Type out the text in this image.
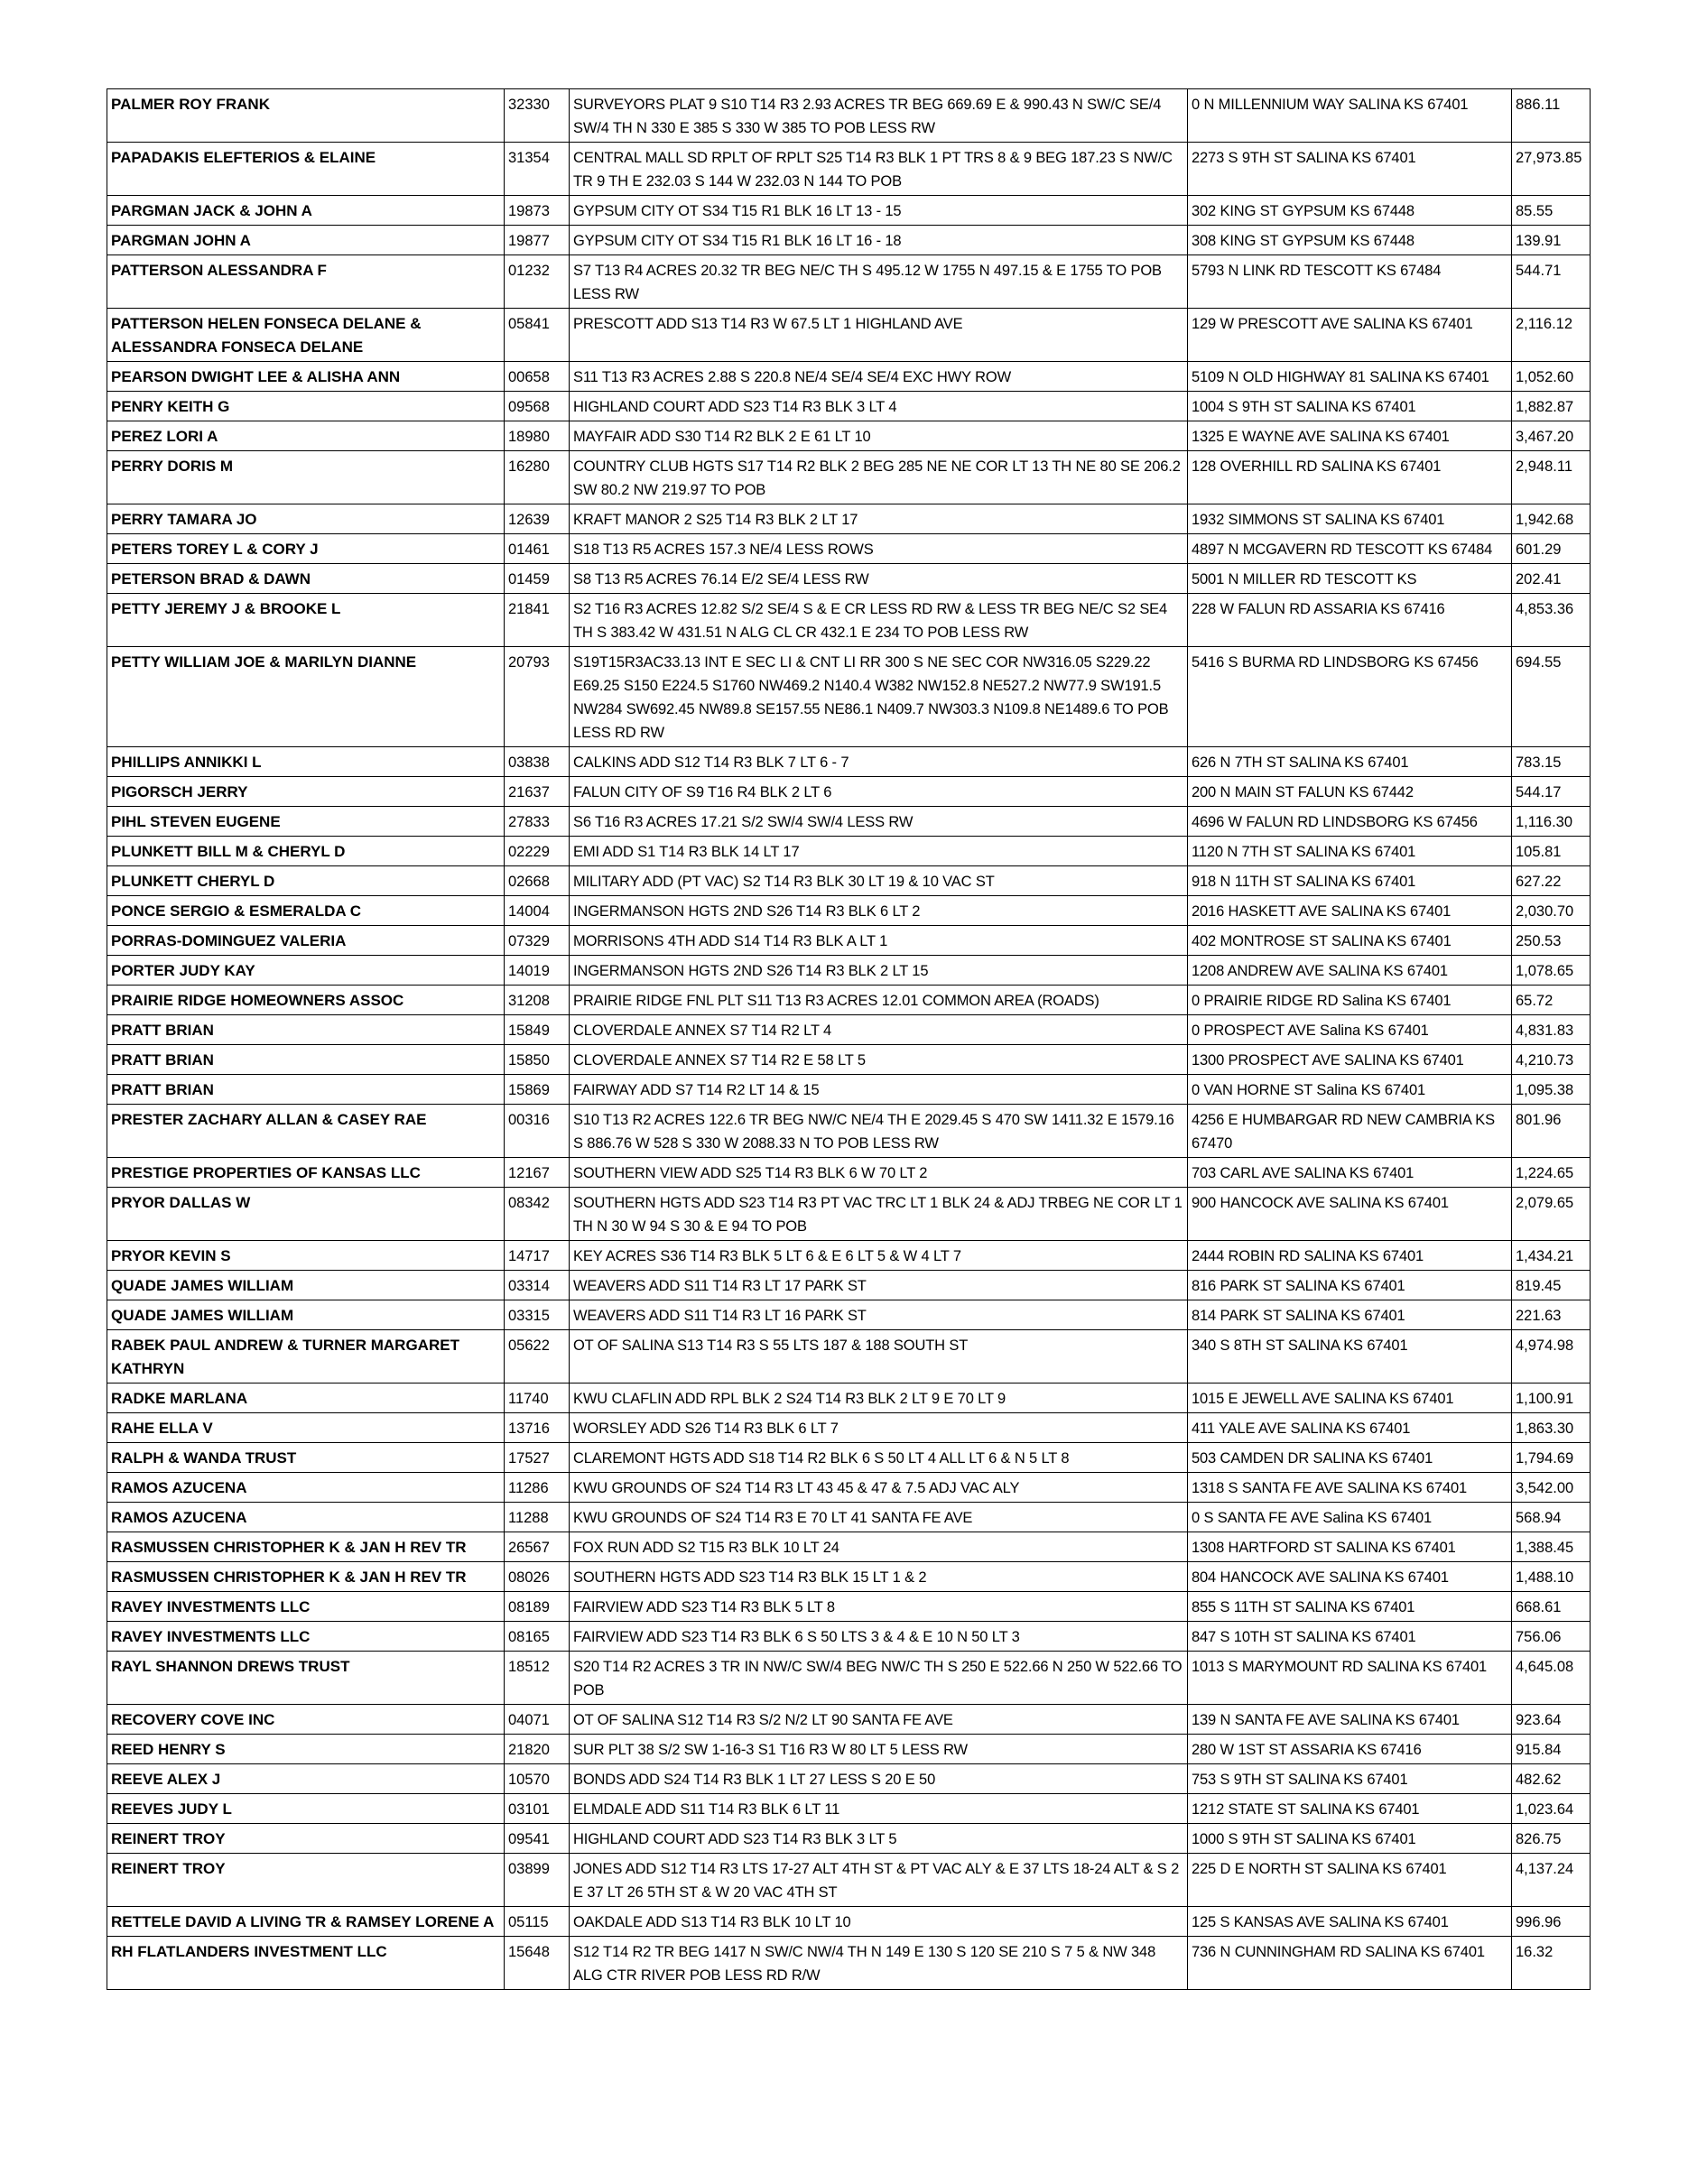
PALMER ROY FRANK	32330	SURVEYORS PLAT 9 S10 T14 R3 2.93 ACRES TR BEG 669.69 E & 990.43 N SW/C SE/4 SW/4 TH N 330 E 385 S 330 W 385 TO POB LESS RW	0 N MILLENNIUM WAY SALINA KS 67401	886.11
PAPADAKIS ELEFTERIOS & ELAINE	31354	CENTRAL MALL SD RPLT OF RPLT S25 T14 R3 BLK 1 PT TRS 8 & 9 BEG 187.23 S NW/C TR 9 TH E 232.03 S 144 W 232.03 N 144 TO POB	2273 S 9TH ST SALINA KS 67401	27,973.85
PARGMAN JACK & JOHN A	19873	GYPSUM CITY OT S34 T15 R1 BLK 16 LT 13 - 15	302 KING ST GYPSUM KS 67448	85.55
PARGMAN JOHN A	19877	GYPSUM CITY OT S34 T15 R1 BLK 16 LT 16 - 18	308 KING ST GYPSUM KS 67448	139.91
PATTERSON ALESSANDRA F	01232	S7 T13 R4 ACRES 20.32 TR BEG NE/C TH S 495.12 W 1755 N 497.15 & E 1755 TO POB LESS RW	5793 N LINK RD TESCOTT KS 67484	544.71
PATTERSON HELEN FONSECA DELANE & ALESSANDRA FONSECA DELANE	05841	PRESCOTT ADD S13 T14 R3 W 67.5 LT 1 HIGHLAND AVE	129 W PRESCOTT AVE SALINA KS 67401	2,116.12
PEARSON DWIGHT LEE & ALISHA ANN	00658	S11 T13 R3 ACRES 2.88 S 220.8 NE/4 SE/4 SE/4 EXC HWY ROW	5109 N OLD HIGHWAY 81 SALINA KS 67401	1,052.60
PENRY KEITH G	09568	HIGHLAND COURT ADD S23 T14 R3 BLK 3 LT 4	1004 S 9TH ST SALINA KS 67401	1,882.87
PEREZ LORI A	18980	MAYFAIR ADD S30 T14 R2 BLK 2 E 61 LT 10	1325 E WAYNE AVE SALINA KS 67401	3,467.20
PERRY DORIS M	16280	COUNTRY CLUB HGTS S17 T14 R2 BLK 2 BEG 285 NE NE COR LT 13 TH NE 80 SE 206.2 SW 80.2 NW 219.97 TO POB	128 OVERHILL RD SALINA KS 67401	2,948.11
PERRY TAMARA JO	12639	KRAFT MANOR 2 S25 T14 R3 BLK 2 LT 17	1932 SIMMONS ST SALINA KS 67401	1,942.68
PETERS TOREY L & CORY J	01461	S18 T13 R5 ACRES 157.3 NE/4 LESS ROWS	4897 N MCGAVERN RD TESCOTT KS 67484	601.29
PETERSON BRAD & DAWN	01459	S8 T13 R5 ACRES 76.14 E/2 SE/4 LESS RW	5001 N MILLER RD TESCOTT KS	202.41
PETTY JEREMY J & BROOKE L	21841	S2 T16 R3 ACRES 12.82 S/2 SE/4 S & E CR LESS RD RW & LESS TR BEG NE/C S2 SE4 TH S 383.42 W 431.51 N ALG CL CR 432.1 E 234 TO POB LESS RW	228 W FALUN RD ASSARIA KS 67416	4,853.36
PETTY WILLIAM JOE & MARILYN DIANNE	20793	S19T15R3AC33.13 INT E SEC LI & CNT LI RR 300 S NE SEC COR NW316.05 S229.22 E69.25 S150 E224.5 S1760 NW469.2 N140.4 W382 NW152.8 NE527.2 NW77.9 SW191.5 NW284 SW692.45 NW89.8 SE157.55 NE86.1 N409.7 NW303.3 N109.8 NE1489.6 TO POB LESS RD RW	5416 S BURMA RD LINDSBORG KS 67456	694.55
PHILLIPS ANNIKKI L	03838	CALKINS ADD S12 T14 R3 BLK 7 LT 6 - 7	626 N 7TH ST SALINA KS 67401	783.15
PIGORSCH JERRY	21637	FALUN CITY OF S9 T16 R4 BLK 2 LT 6	200 N MAIN ST FALUN KS 67442	544.17
PIHL STEVEN EUGENE	27833	S6 T16 R3 ACRES 17.21 S/2 SW/4 SW/4 LESS RW	4696 W FALUN RD LINDSBORG KS 67456	1,116.30
PLUNKETT BILL M & CHERYL D	02229	EMI ADD S1 T14 R3 BLK 14 LT 17	1120 N 7TH ST SALINA KS 67401	105.81
PLUNKETT CHERYL D	02668	MILITARY ADD (PT VAC) S2 T14 R3 BLK 30 LT 19 & 10 VAC ST	918 N 11TH ST SALINA KS 67401	627.22
PONCE SERGIO & ESMERALDA C	14004	INGERMANSON HGTS 2ND S26 T14 R3 BLK 6 LT 2	2016 HASKETT AVE SALINA KS 67401	2,030.70
PORRAS-DOMINGUEZ VALERIA	07329	MORRISONS 4TH ADD S14 T14 R3 BLK A LT 1	402 MONTROSE ST SALINA KS 67401	250.53
PORTER JUDY KAY	14019	INGERMANSON HGTS 2ND S26 T14 R3 BLK 2 LT 15	1208 ANDREW AVE SALINA KS 67401	1,078.65
PRAIRIE RIDGE HOMEOWNERS ASSOC	31208	PRAIRIE RIDGE FNL PLT S11 T13 R3 ACRES 12.01 COMMON AREA (ROADS)	0 PRAIRIE RIDGE RD Salina KS 67401	65.72
PRATT BRIAN	15849	CLOVERDALE ANNEX S7 T14 R2 LT 4	0 PROSPECT AVE Salina KS 67401	4,831.83
PRATT BRIAN	15850	CLOVERDALE ANNEX S7 T14 R2 E 58 LT 5	1300 PROSPECT AVE SALINA KS 67401	4,210.73
PRATT BRIAN	15869	FAIRWAY ADD S7 T14 R2 LT 14 & 15	0 VAN HORNE ST Salina KS 67401	1,095.38
PRESTER ZACHARY ALLAN & CASEY RAE	00316	S10 T13 R2 ACRES 122.6 TR BEG NW/C NE/4 TH E 2029.45 S 470 SW 1411.32 E 1579.16 S 886.76 W 528 S 330 W 2088.33 N TO POB LESS RW	4256 E HUMBARGAR RD NEW CAMBRIA KS 67470	801.96
PRESTIGE PROPERTIES OF KANSAS LLC	12167	SOUTHERN VIEW ADD S25 T14 R3 BLK 6 W 70 LT 2	703 CARL AVE SALINA KS 67401	1,224.65
PRYOR DALLAS W	08342	SOUTHERN HGTS ADD S23 T14 R3 PT VAC TRC LT 1 BLK 24 & ADJ TRBEG NE COR LT 1 TH N 30 W 94 S 30 & E 94 TO POB	900 HANCOCK AVE SALINA KS 67401	2,079.65
PRYOR KEVIN S	14717	KEY ACRES S36 T14 R3 BLK 5 LT 6 & E 6 LT 5 & W 4 LT 7	2444 ROBIN RD SALINA KS 67401	1,434.21
QUADE JAMES WILLIAM	03314	WEAVERS ADD S11 T14 R3 LT 17 PARK ST	816 PARK ST SALINA KS 67401	819.45
QUADE JAMES WILLIAM	03315	WEAVERS ADD S11 T14 R3 LT 16 PARK ST	814 PARK ST SALINA KS 67401	221.63
RABEK PAUL ANDREW & TURNER MARGARET KATHRYN	05622	OT OF SALINA S13 T14 R3 S 55 LTS 187 & 188 SOUTH ST	340 S 8TH ST SALINA KS 67401	4,974.98
RADKE MARLANA	11740	KWU CLAFLIN ADD RPL BLK 2 S24 T14 R3 BLK 2 LT 9 E 70 LT 9	1015 E JEWELL AVE SALINA KS 67401	1,100.91
RAHE ELLA V	13716	WORSLEY ADD S26 T14 R3 BLK 6 LT 7	411 YALE AVE SALINA KS 67401	1,863.30
RALPH & WANDA TRUST	17527	CLAREMONT HGTS ADD S18 T14 R2 BLK 6 S 50 LT 4 ALL LT 6 & N 5 LT 8	503 CAMDEN DR SALINA KS 67401	1,794.69
RAMOS AZUCENA	11286	KWU GROUNDS OF S24 T14 R3 LT 43 45 & 47 & 7.5 ADJ VAC ALY	1318 S SANTA FE AVE SALINA KS 67401	3,542.00
RAMOS AZUCENA	11288	KWU GROUNDS OF S24 T14 R3 E 70 LT 41 SANTA FE AVE	0 S SANTA FE AVE Salina KS 67401	568.94
RASMUSSEN CHRISTOPHER K & JAN H REV TR	26567	FOX RUN ADD S2 T15 R3 BLK 10 LT 24	1308 HARTFORD ST SALINA KS 67401	1,388.45
RASMUSSEN CHRISTOPHER K & JAN H REV TR	08026	SOUTHERN HGTS ADD S23 T14 R3 BLK 15 LT 1 & 2	804 HANCOCK AVE SALINA KS 67401	1,488.10
RAVEY INVESTMENTS LLC	08189	FAIRVIEW ADD S23 T14 R3 BLK 5 LT 8	855 S 11TH ST SALINA KS 67401	668.61
RAVEY INVESTMENTS LLC	08165	FAIRVIEW ADD S23 T14 R3 BLK 6 S 50 LTS 3 & 4 & E 10 N 50 LT 3	847 S 10TH ST SALINA KS 67401	756.06
RAYL SHANNON DREWS TRUST	18512	S20 T14 R2 ACRES 3 TR IN NW/C SW/4 BEG NW/C TH S 250 E 522.66 N 250 W 522.66 TO POB	1013 S MARYMOUNT RD SALINA KS 67401	4,645.08
RECOVERY COVE INC	04071	OT OF SALINA S12 T14 R3 S/2 N/2 LT 90 SANTA FE AVE	139 N SANTA FE AVE SALINA KS 67401	923.64
REED HENRY S	21820	SUR PLT 38 S/2 SW 1-16-3 S1 T16 R3 W 80 LT 5 LESS RW	280 W 1ST ST ASSARIA KS 67416	915.84
REEVE ALEX J	10570	BONDS ADD S24 T14 R3 BLK 1 LT 27 LESS S 20 E 50	753 S 9TH ST SALINA KS 67401	482.62
REEVES JUDY L	03101	ELMDALE ADD S11 T14 R3 BLK 6 LT 11	1212 STATE ST SALINA KS 67401	1,023.64
REINERT TROY	09541	HIGHLAND COURT ADD S23 T14 R3 BLK 3 LT 5	1000 S 9TH ST SALINA KS 67401	826.75
REINERT TROY	03899	JONES ADD S12 T14 R3 LTS 17-27 ALT 4TH ST & PT VAC ALY & E 37 LTS 18-24 ALT & S 2 E 37 LT 26 5TH ST & W 20 VAC 4TH ST	225 D E NORTH ST SALINA KS 67401	4,137.24
RETTELE DAVID A LIVING TR & RAMSEY LORENE A	05115	OAKDALE ADD S13 T14 R3 BLK 10 LT 10	125 S KANSAS AVE SALINA KS 67401	996.96
RH FLATLANDERS INVESTMENT LLC	15648	S12 T14 R2 TR BEG 1417 N SW/C NW/4 TH N 149 E 130 S 120 SE 210 S 7 5 & NW 348 ALG CTR RIVER POB LESS RD R/W	736 N CUNNINGHAM RD SALINA KS 67401	16.32
